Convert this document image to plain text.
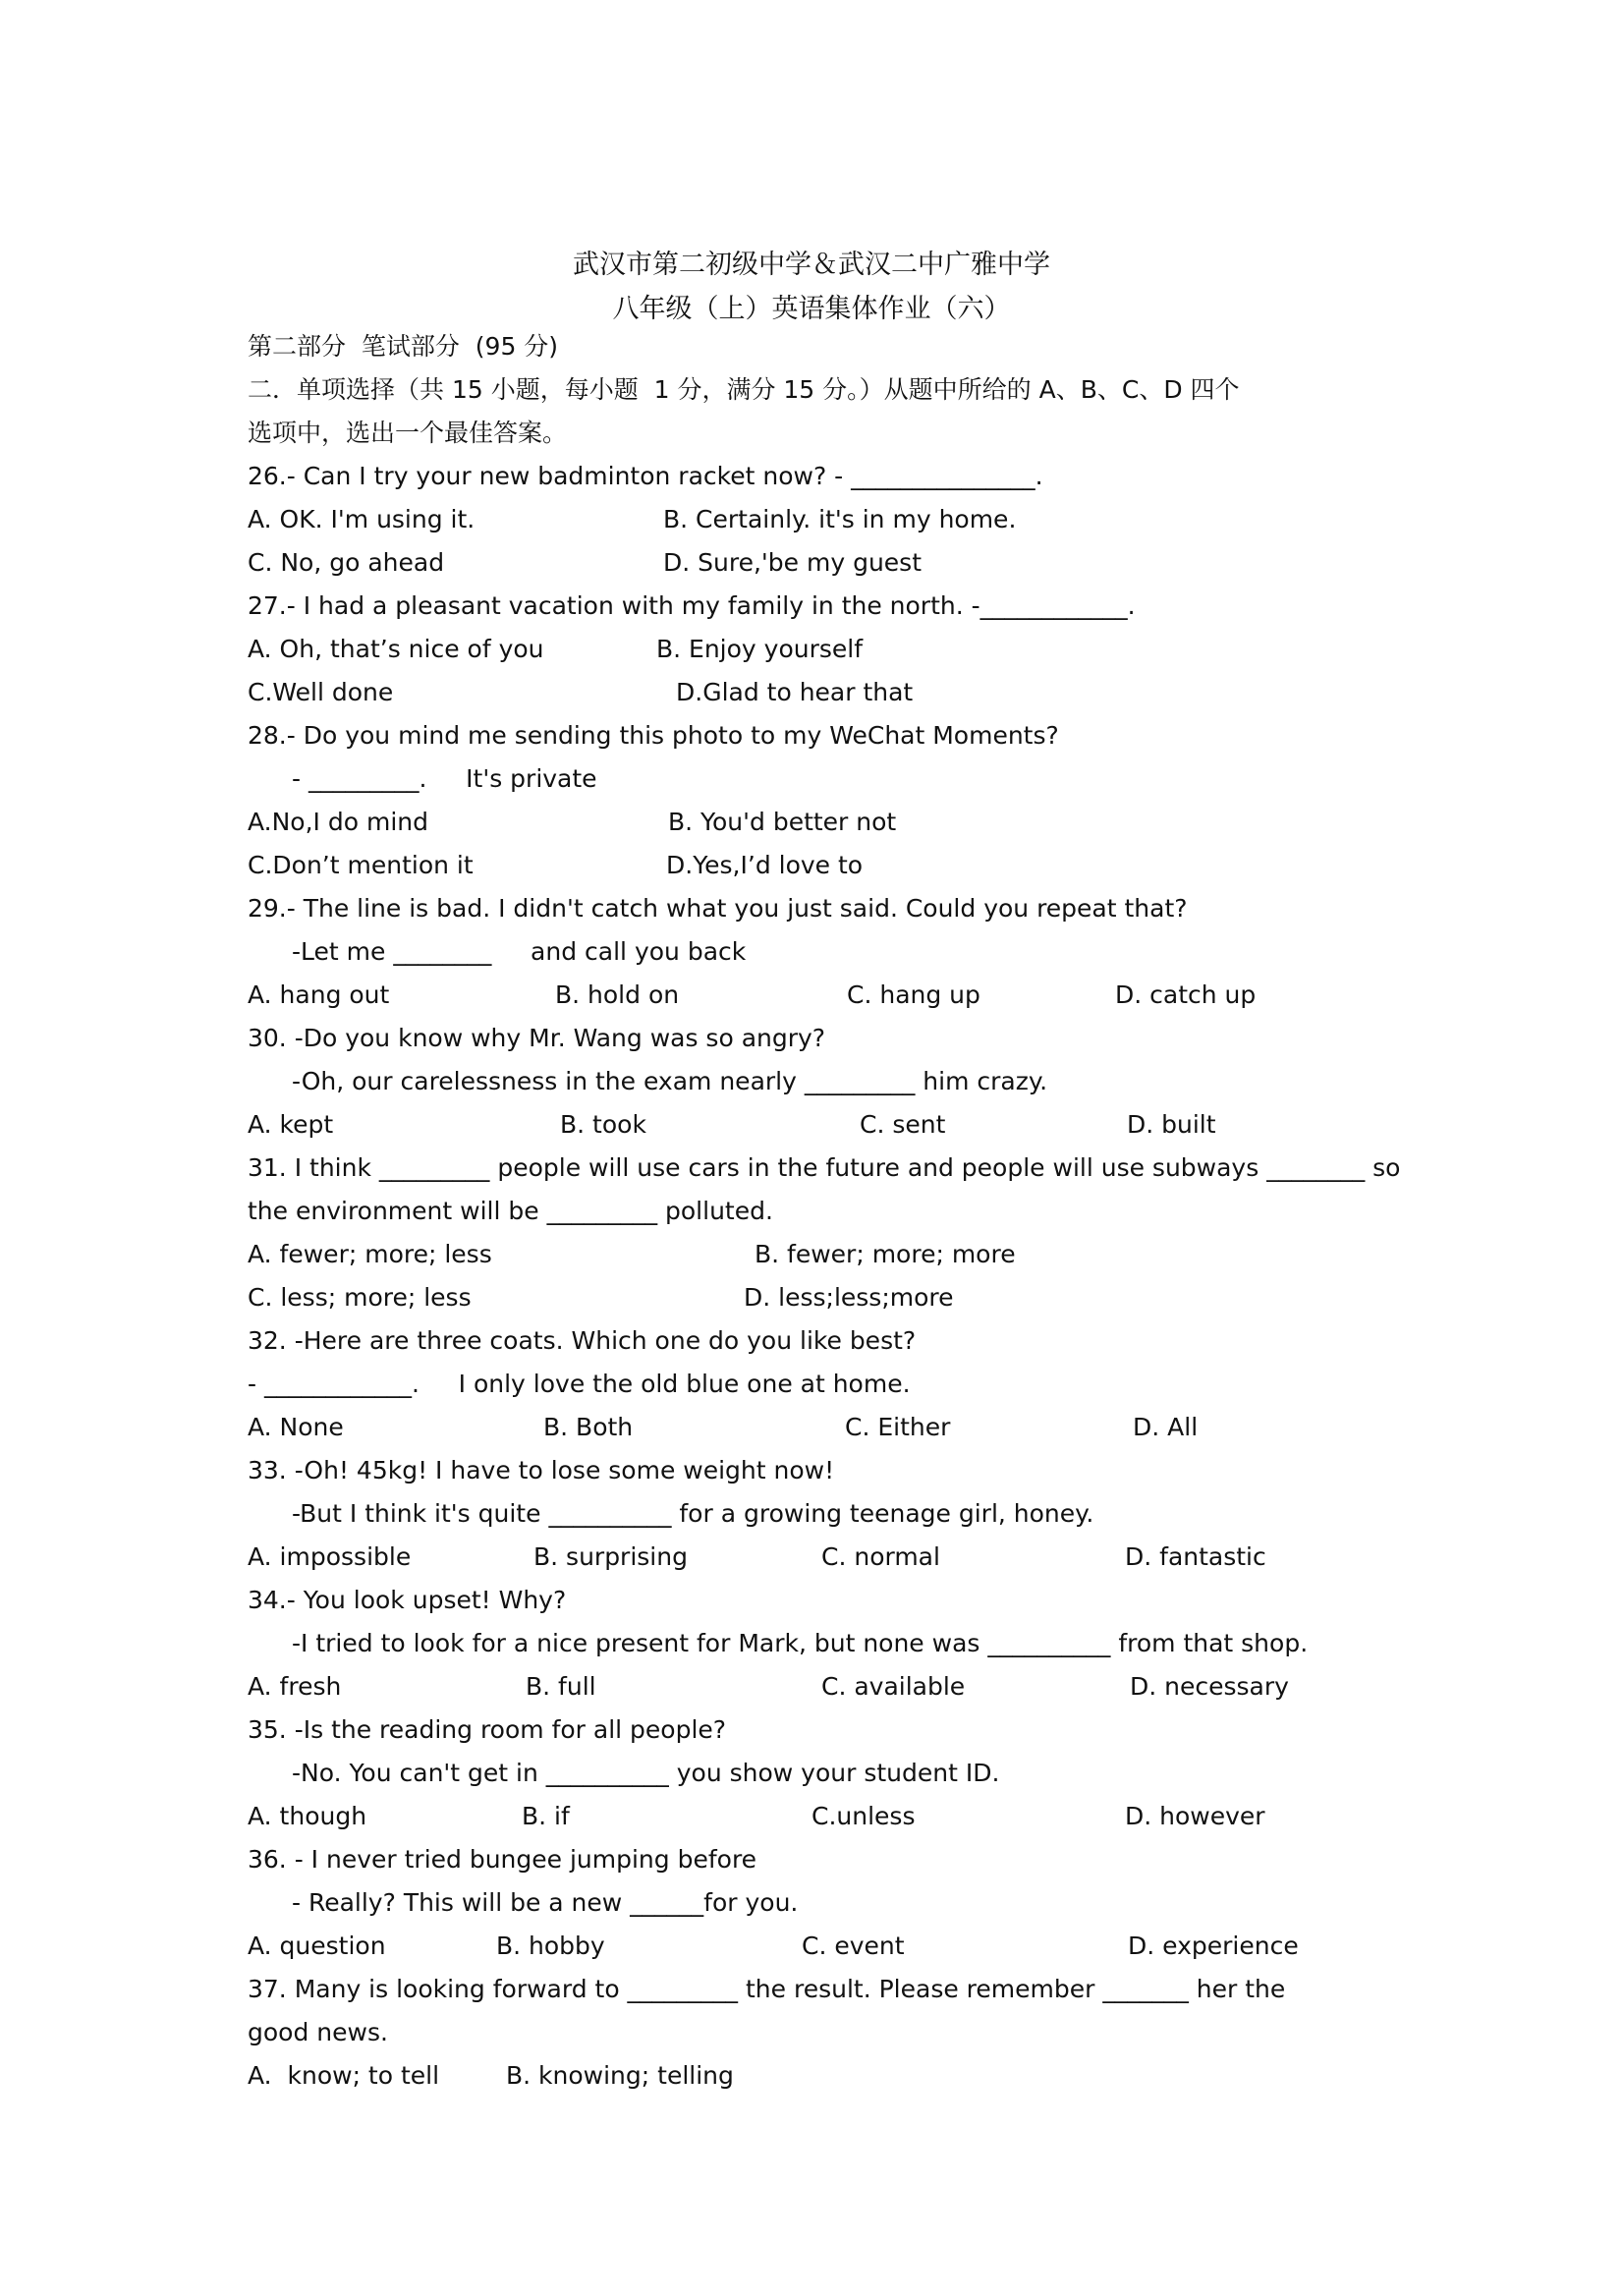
武汉市第二初级中学＆武汉二中广雅中学
八年级（上）英语集体作业（六）
第二部分  笔试部分  (95 分)
二．单项选择（共 15 小题，每小题  1 分，满分 15 分。）从题中所给的 A、B、C、D 四个
选项中，选出一个最佳答案。
26.- Can I try your new badminton racket now? - _______________.
A. OK. I'm using it.	B. Certainly. it's in my home.
C. No, go ahead	D. Sure,'be my guest
27.- I had a pleasant vacation with my family in the north. -____________.
A. Oh, that’s nice of you	B. Enjoy yourself
C.Well done	D.Glad to hear that
28.- Do you mind me sending this photo to my WeChat Moments?
- _________.     It's private
A.No,I do mind	B. You'd better not
C.Don’t mention it	D.Yes,I’d love to
29.- The line is bad. I didn't catch what you just said. Could you repeat that?
-Let me ________     and call you back
A. hang out	B. hold on	C. hang up	D. catch up
30. -Do you know why Mr. Wang was so angry?
-Oh, our carelessness in the exam nearly _________ him crazy.
A. kept	B. took	C. sent	D. built
31. I think _________ people will use cars in the future and people will use subways ________ so
the environment will be _________ polluted.
A. fewer; more; less	B. fewer; more; more
C. less; more; less	D. less;less;more
32. -Here are three coats. Which one do you like best?
- ____________.     I only love the old blue one at home.
A. None	B. Both	C. Either	D. All
33. -Oh! 45kg! I have to lose some weight now!
-But I think it's quite __________ for a growing teenage girl, honey.
A. impossible	B. surprising	C. normal	D. fantastic
34.- You look upset! Why?
-I tried to look for a nice present for Mark, but none was __________ from that shop.
A. fresh	B. full	C. available	D. necessary
35. -Is the reading room for all people?
-No. You can't get in __________ you show your student ID.
A. though	B. if	C.unless	D. however
36. - I never tried bungee jumping before
- Really? This will be a new ______for you.
A. question	B. hobby	C. event	D. experience
37. Many is looking forward to _________ the result. Please remember _______ her the
good news.
A.  know; to tell	B. knowing; telling
